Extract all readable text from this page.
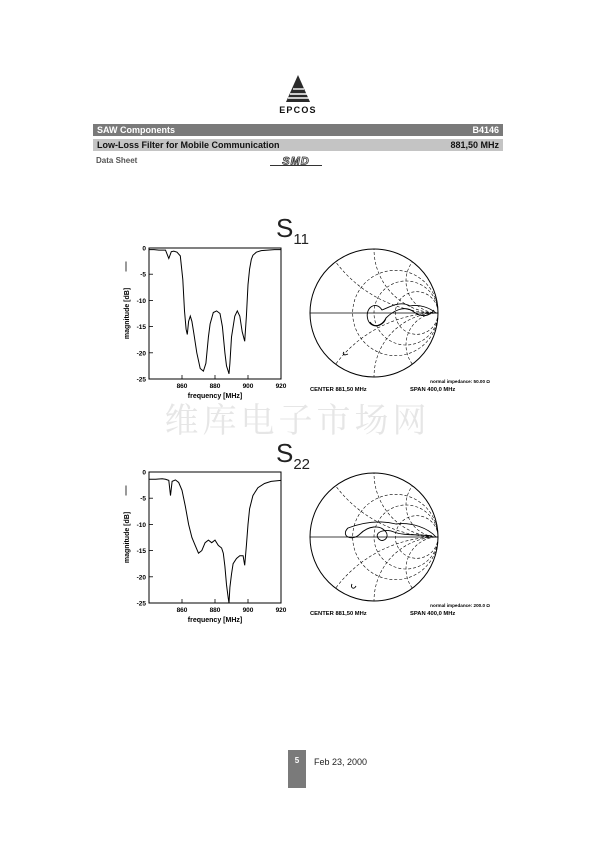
EPCOS
SAW Components	B4146
Low-Loss Filter for Mobile Communication	881,50 MHz
Data Sheet	SMD
$S_{11}$
0
-5
-10
-15
-20
-25
860	880	900	920
frequency [MHz]
magnitude [dB]
normal impedance: 50.00 Ω
CENTER 881,50 MHz	SPAN 400,0 MHz
维库电子市场网
$S_{22}$
0
-5
-10
-15
-20
-25
860	880	900	920
frequency [MHz]
magnitude [dB]
normal impedance: 200.0 Ω
CENTER 881,50 MHz	SPAN 400,0 MHz
5	Feb 23, 2000
